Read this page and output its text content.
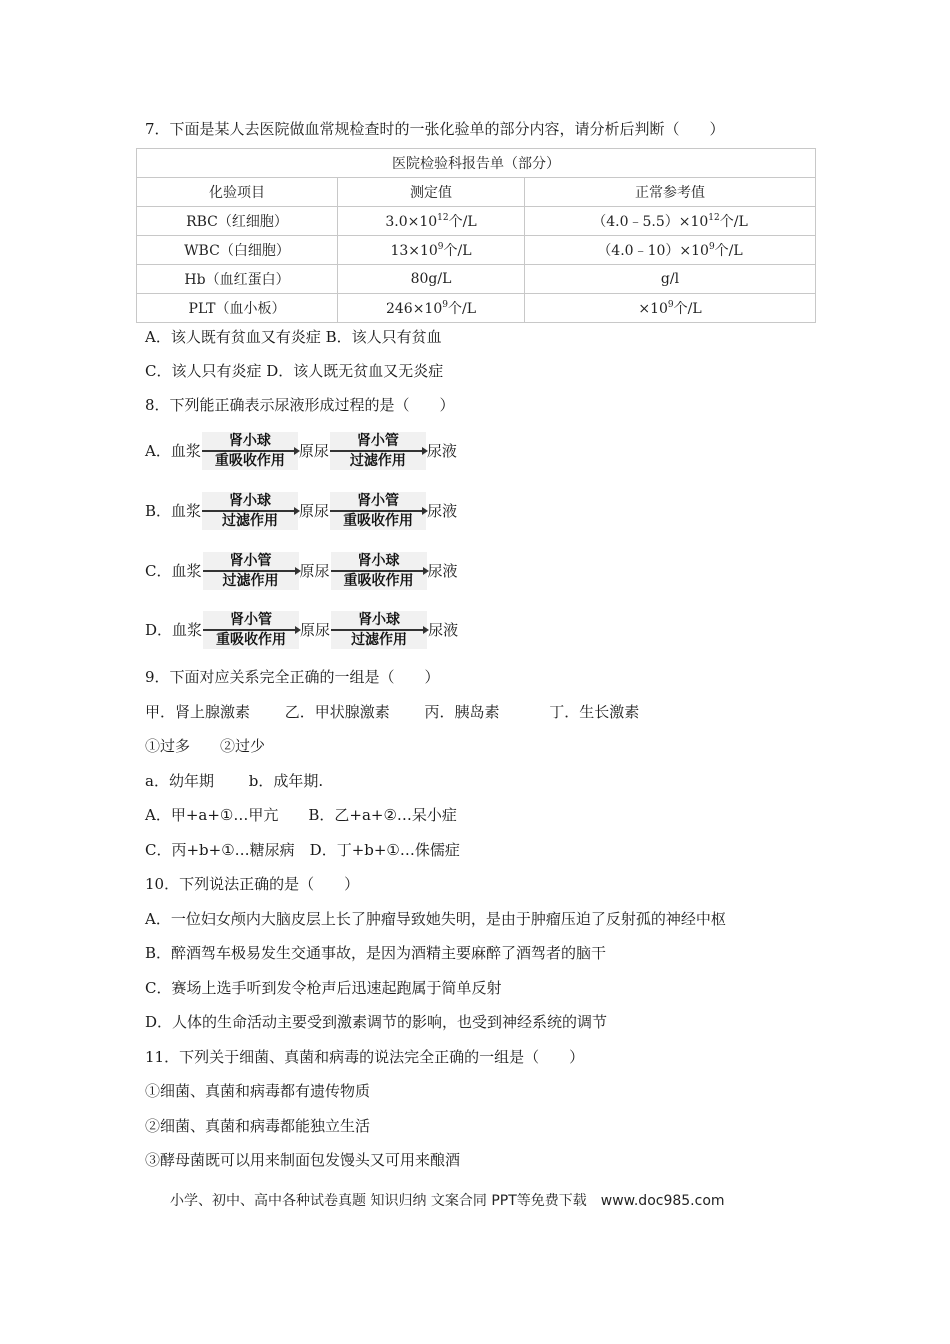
7．下面是某人去医院做血常规检查时的一张化验单的部分内容，请分析后判断（　　）
医院检验科报告单（部分）		
化验项目	测定值	正常参考值
RBC（红细胞）	$3.0\times 10^{12}$个/L	$(4.0﹣5.5)\times 10^{12}$个/L
WBC（白细胞）	$13\times 10^9$个/L	$(4.0﹣10)\times 10^9$个/L
Hb（血红蛋白）	80g/L	g/l
PLT（血小板）	$246\times 10^9$个/L	$\times 10^9$个/L
A．该人既有贫血又有炎症 B．该人只有贫血
C．该人只有炎症 D．该人既无贫血又无炎症
8．下列能正确表示尿液形成过程的是（　　）
A． 血浆
肾小球
重吸收作用
原尿
肾小管
过滤作用
尿液
B． 血浆
肾小球
过滤作用
原尿
肾小管
重吸收作用
尿液
C． 血浆
肾小管
过滤作用
原尿
肾小球
重吸收作用
尿液
D． 血浆
肾小管
重吸收作用
原尿
肾小球
过滤作用
尿液
9．下面对应关系完全正确的一组是（　　）
甲．肾上腺激素　　 乙．甲状腺激素　　 丙．胰岛素　　　 丁．生长激素
①过多　　②过少
a．幼年期　　 b．成年期.
A．甲+a+①…甲亢　　B．乙+a+②…呆小症
C．丙+b+①…糖尿病　D．丁+b+①…侏儒症
10．下列说法正确的是（　　）
A．一位妇女颅内大脑皮层上长了肿瘤导致她失明，是由于肿瘤压迫了反射孤的神经中枢
B．醉酒驾车极易发生交通事故，是因为酒精主要麻醉了酒驾者的脑干
C．赛场上选手听到发令枪声后迅速起跑属于简单反射
D．人体的生命活动主要受到激素调节的影响，也受到神经系统的调节
11．下列关于细菌、真菌和病毒的说法完全正确的一组是（　　）
①细菌、真菌和病毒都有遗传物质
②细菌、真菌和病毒都能独立生活
③酵母菌既可以用来制面包发馒头又可用来酿酒
小学、初中、高中各种试卷真题 知识归纳 文案合同 PPT等免费下载　www.doc985.com
